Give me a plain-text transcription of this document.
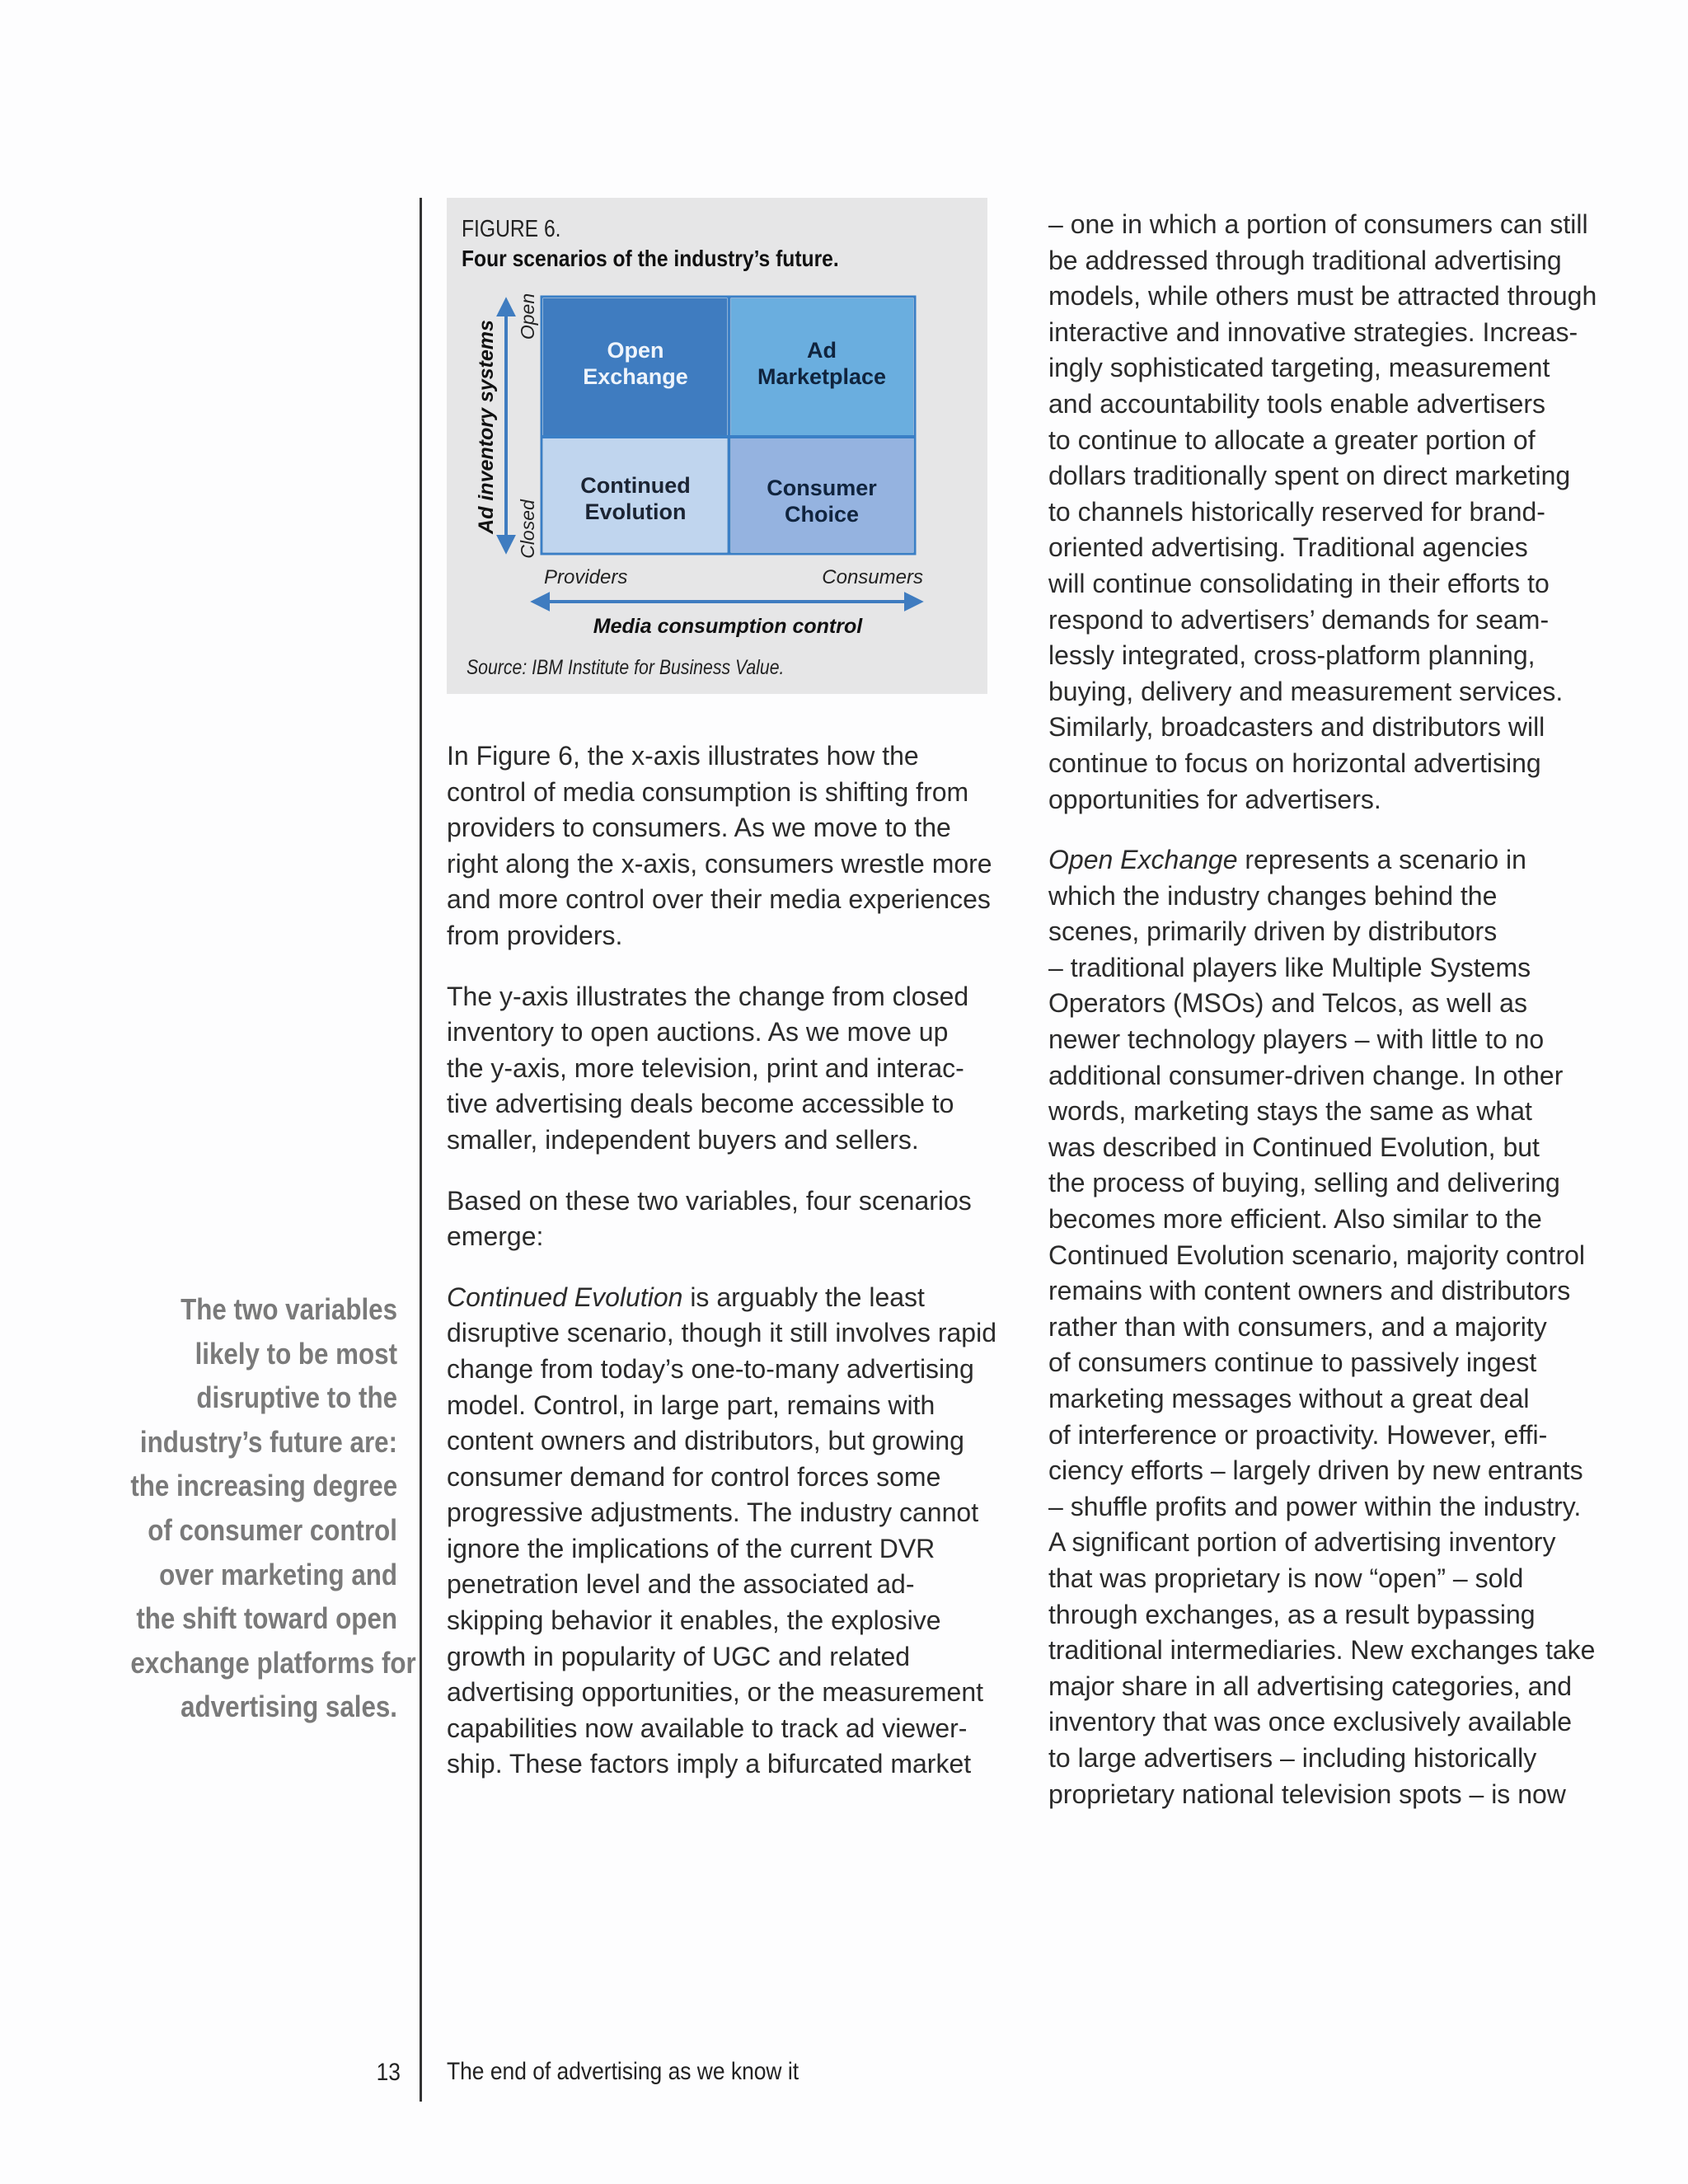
The two variables
likely to be most
disruptive to the
industry’s future are:
the increasing degree
of consumer control
over marketing and
the shift toward open
exchange platforms for
advertising sales.
FIGURE 6.
Four scenarios of the industry’s future.
Open
Exchange
Ad
Marketplace
Continued
Evolution
Consumer
Choice
Ad inventory systems
Open
Closed
Providers	Consumers
Media consumption control
Source: IBM Institute for Business Value.

In Figure 6, the x-axis illustrates how the
control of media consumption is shifting from
providers to consumers. As we move to the
right along the x-axis, consumers wrestle more
and more control over their media experiences
from providers.

The y-axis illustrates the change from closed
inventory to open auctions. As we move up
the y-axis, more television, print and interac-
tive advertising deals become accessible to
smaller, independent buyers and sellers.

Based on these two variables, four scenarios
emerge:

Continued Evolution is arguably the least
disruptive scenario, though it still involves rapid
change from today’s one-to-many advertising
model. Control, in large part, remains with
content owners and distributors, but growing
consumer demand for control forces some
progressive adjustments. The industry cannot
ignore the implications of the current DVR
penetration level and the associated ad-
skipping behavior it enables, the explosive
growth in popularity of UGC and related
advertising opportunities, or the measurement
capabilities now available to track ad viewer-
ship. These factors imply a bifurcated market

– one in which a portion of consumers can still
be addressed through traditional advertising
models, while others must be attracted through
interactive and innovative strategies. Increas-
ingly sophisticated targeting, measurement
and accountability tools enable advertisers
to continue to allocate a greater portion of
dollars traditionally spent on direct marketing
to channels historically reserved for brand-
oriented advertising. Traditional agencies
will continue consolidating in their efforts to
respond to advertisers’ demands for seam-
lessly integrated, cross-platform planning,
buying, delivery and measurement services.
Similarly, broadcasters and distributors will
continue to focus on horizontal advertising
opportunities for advertisers.

Open Exchange represents a scenario in
which the industry changes behind the
scenes, primarily driven by distributors
– traditional players like Multiple Systems
Operators (MSOs) and Telcos, as well as
newer technology players – with little to no
additional consumer-driven change. In other
words, marketing stays the same as what
was described in Continued Evolution, but
the process of buying, selling and delivering
becomes more efficient. Also similar to the
Continued Evolution scenario, majority control
remains with content owners and distributors
rather than with consumers, and a majority
of consumers continue to passively ingest
marketing messages without a great deal
of interference or proactivity. However, effi-
ciency efforts – largely driven by new entrants
– shuffle profits and power within the industry.
A significant portion of advertising inventory
that was proprietary is now “open” – sold
through exchanges, as a result bypassing
traditional intermediaries. New exchanges take
major share in all advertising categories, and
inventory that was once exclusively available
to large advertisers – including historically
proprietary national television spots – is now

13 The end of advertising as we know it
